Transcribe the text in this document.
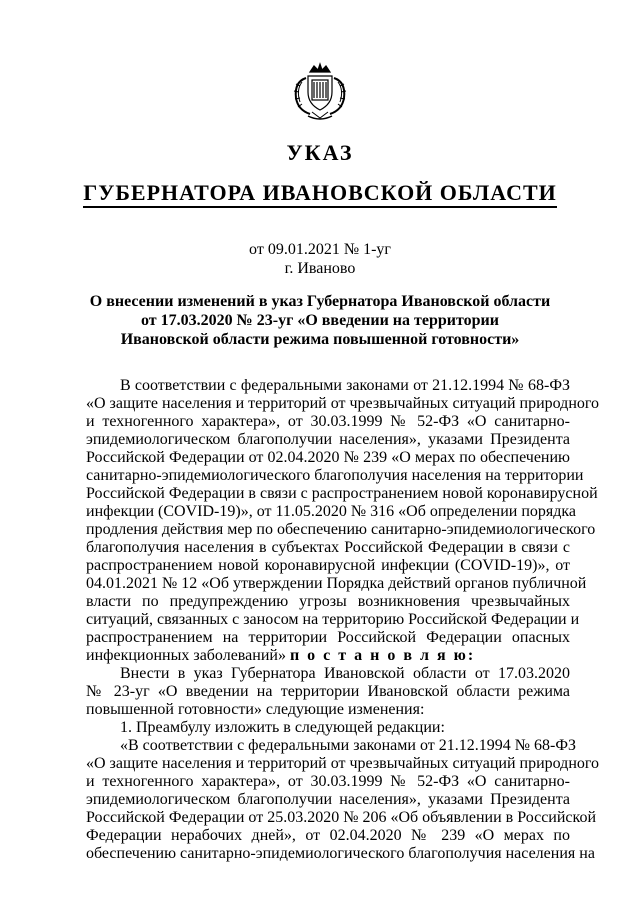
УКАЗ
ГУБЕРНАТОРА ИВАНОВСКОЙ ОБЛАСТИ
от 09.01.2021 № 1-уг
г. Иваново
О внесении изменений в указ Губернатора Ивановской области
от 17.03.2020 № 23-уг «О введении на территории
Ивановской области режима повышенной готовности»
В соответствии с федеральными законами от 21.12.1994 № 68-ФЗ
«О защите населения и территорий от чрезвычайных ситуаций природного
и техногенного характера», от 30.03.1999 № 52-ФЗ «О санитарно-
эпидемиологическом благополучии населения», указами Президента
Российской Федерации от 02.04.2020 № 239 «О мерах по обеспечению
санитарно-эпидемиологического благополучия населения на территории
Российской Федерации в связи с распространением новой коронавирусной
инфекции (COVID-19)», от 11.05.2020 № 316 «Об определении порядка
продления действия мер по обеспечению санитарно-эпидемиологического
благополучия населения в субъектах Российской Федерации в связи с
распространением новой коронавирусной инфекции (COVID-19)», от
04.01.2021 № 12 «Об утверждении Порядка действий органов публичной
власти по предупреждению угрозы возникновения чрезвычайных
ситуаций, связанных с заносом на территорию Российской Федерации и
распространением на территории Российской Федерации опасных
инфекционных заболеваний» п о с т а н о в л я ю:
Внести в указ Губернатора Ивановской области от 17.03.2020
№ 23-уг «О введении на территории Ивановской области режима
повышенной готовности» следующие изменения:
1. Преамбулу изложить в следующей редакции:
«В соответствии с федеральными законами от 21.12.1994 № 68-ФЗ
«О защите населения и территорий от чрезвычайных ситуаций природного
и техногенного характера», от 30.03.1999 № 52-ФЗ «О санитарно-
эпидемиологическом благополучии населения», указами Президента
Российской Федерации от 25.03.2020 № 206 «Об объявлении в Российской
Федерации нерабочих дней», от 02.04.2020 № 239 «О мерах по
обеспечению санитарно-эпидемиологического благополучия населения на
